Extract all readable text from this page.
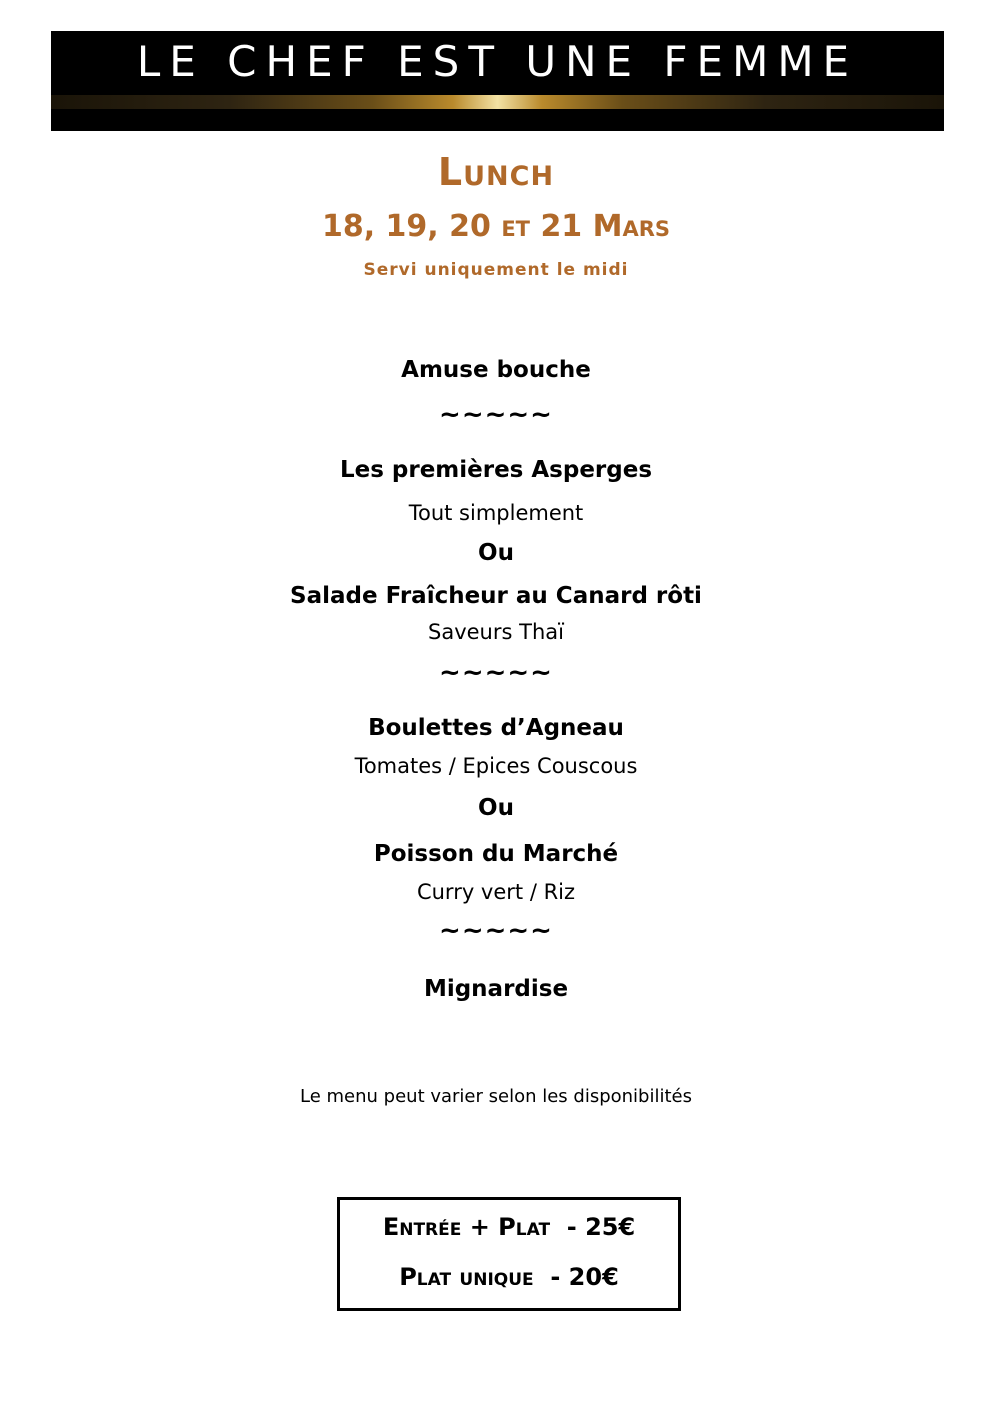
LE CHEF EST UNE FEMME
Lunch
18, 19, 20 et 21 Mars
Servi uniquement le midi
Amuse bouche
~~~~~
Les premières Asperges
Tout simplement
Ou
Salade Fraîcheur au Canard rôti
Saveurs Thaï
~~~~~
Boulettes d’Agneau
Tomates / Epices Couscous
Ou
Poisson du Marché
Curry vert / Riz
~~~~~
Mignardise
Le menu peut varier selon les disponibilités
Entrée + Plat  - 25€
Plat unique  - 20€
